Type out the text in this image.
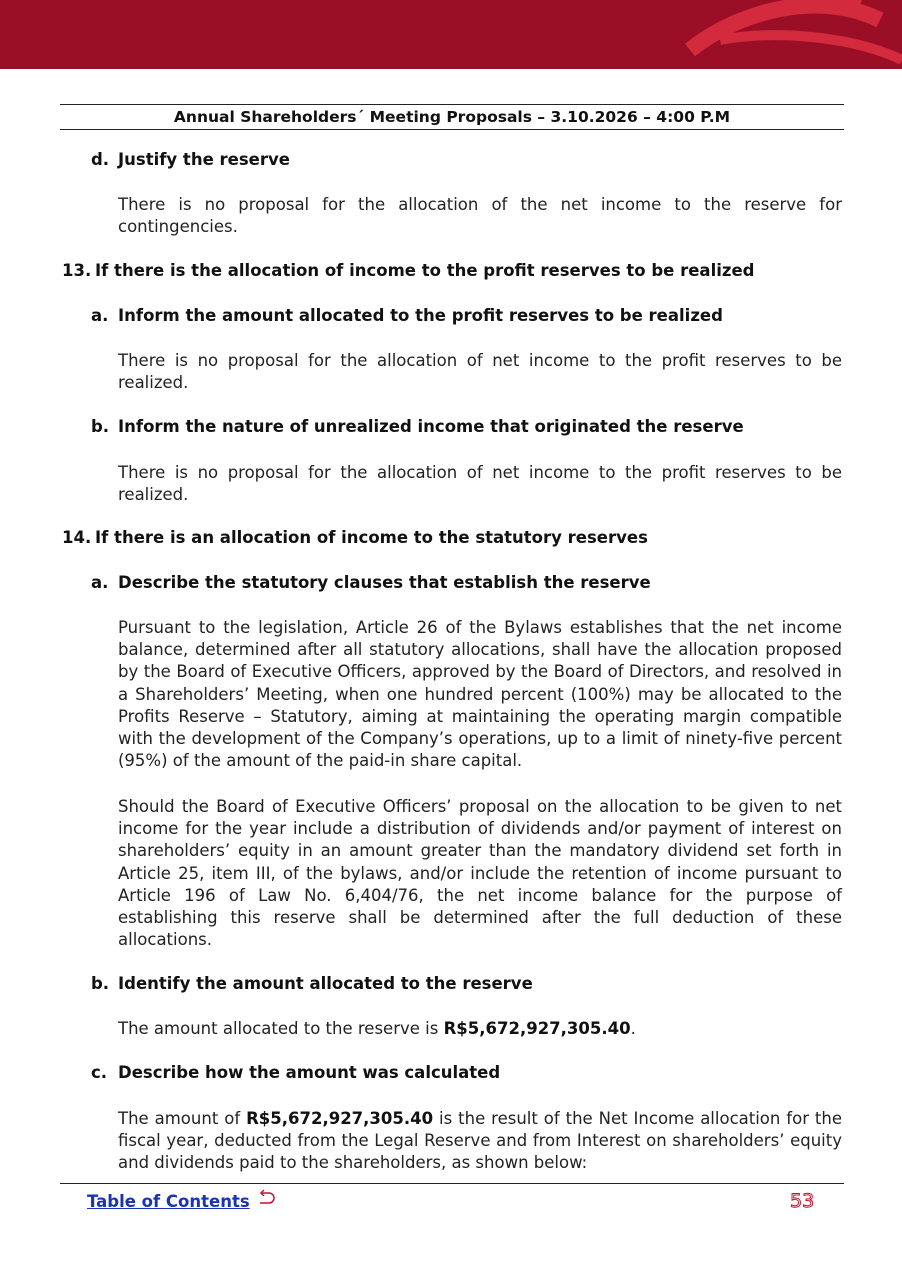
Annual Shareholders´ Meeting Proposals – 3.10.2026 – 4:00 P.M
d. Justify the reserve
There is no proposal for the allocation of the net income to the reserve for contingencies.
13. If there is the allocation of income to the profit reserves to be realized
a. Inform the amount allocated to the profit reserves to be realized
There is no proposal for the allocation of net income to the profit reserves to be realized.
b. Inform the nature of unrealized income that originated the reserve
There is no proposal for the allocation of net income to the profit reserves to be realized.
14. If there is an allocation of income to the statutory reserves
a. Describe the statutory clauses that establish the reserve
Pursuant to the legislation, Article 26 of the Bylaws establishes that the net income balance, determined after all statutory allocations, shall have the allocation proposed by the Board of Executive Officers, approved by the Board of Directors, and resolved in a Shareholders’ Meeting, when one hundred percent (100%) may be allocated to the Profits Reserve – Statutory, aiming at maintaining the operating margin compatible with the development of the Company’s operations, up to a limit of ninety-five percent (95%) of the amount of the paid-in share capital.
Should the Board of Executive Officers’ proposal on the allocation to be given to net income for the year include a distribution of dividends and/or payment of interest on shareholders’ equity in an amount greater than the mandatory dividend set forth in Article 25, item III, of the bylaws, and/or include the retention of income pursuant to Article 196 of Law No. 6,404/76, the net income balance for the purpose of establishing this reserve shall be determined after the full deduction of these allocations.
b. Identify the amount allocated to the reserve
The amount allocated to the reserve is R$5,672,927,305.40.
c. Describe how the amount was calculated
The amount of R$5,672,927,305.40 is the result of the Net Income allocation for the fiscal year, deducted from the Legal Reserve and from Interest on shareholders’ equity and dividends paid to the shareholders, as shown below:
Table of Contents	53
